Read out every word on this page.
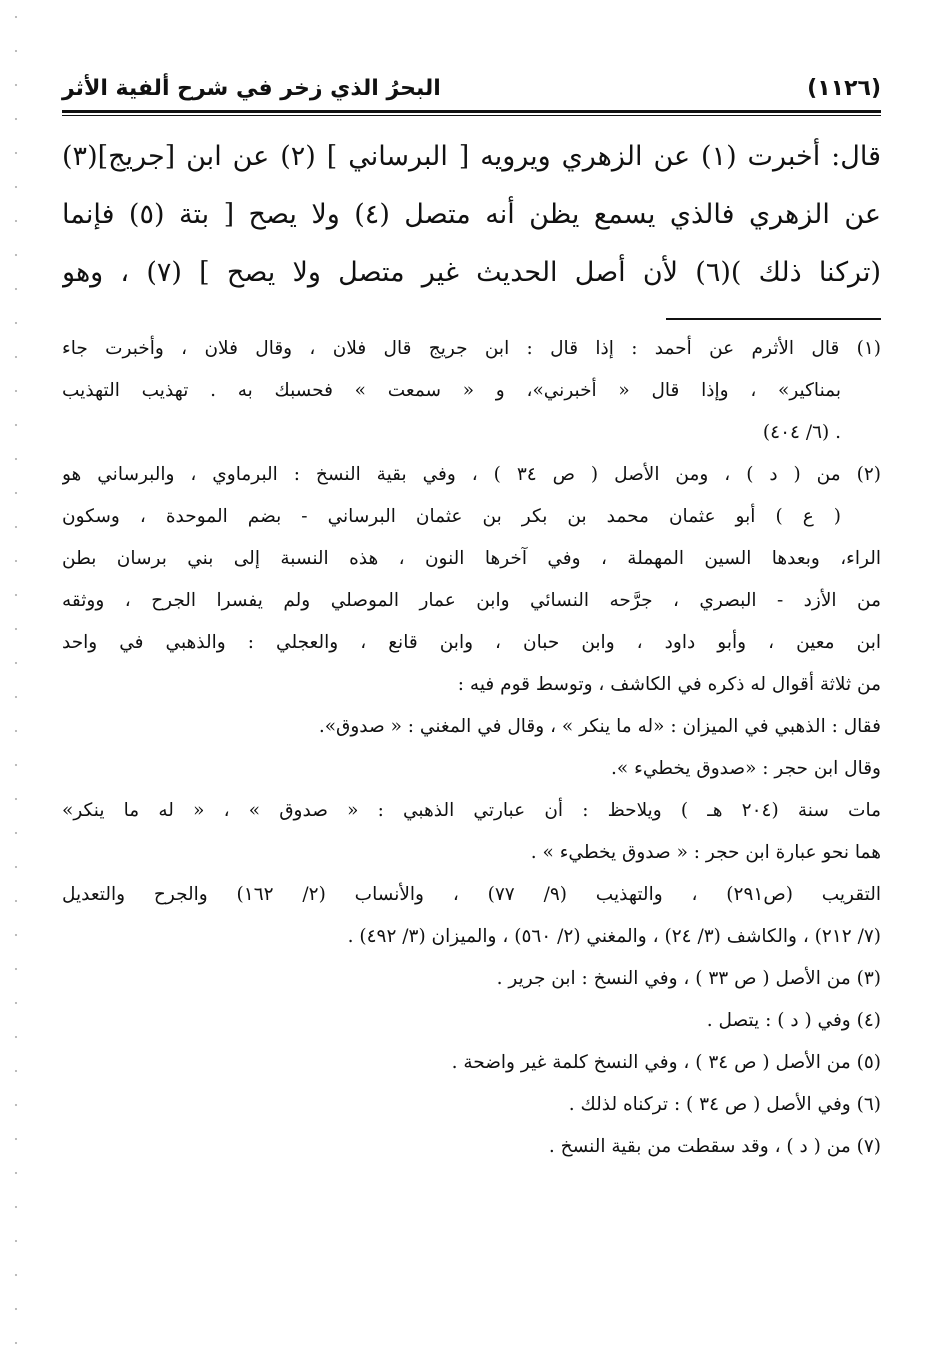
البحرُ الذي زخر في شرح ألفية الأثر	(١١٢٦)
قال: أخبرت (١) عن الزهري ويرويه [ البرساني ] (٢) عن ابن [جريج](٣)
عن الزهري فالذي يسمع يظن أنه متصل (٤) ولا يصح [ بتة (٥) فإنما
(تركنا ذلك )(٦) لأن أصل الحديث غير متصل ولا يصح ] (٧) ، وهو
(١) قال الأثرم عن أحمد : إذا قال : ابن جريج قال فلان ، وقال فلان ، وأخبرت جاء
بمناكير» ، وإذا قال « أخبرني»، و « سمعت » فحسبك به . تهذيب التهذيب
. (٦/ ٤٠٤)
(٢) من ( د ) ، ومن الأصل ( ص ٣٤ ) ، وفي بقية النسخ : البرماوي ، والبرساني هو
( ع ) أبو عثمان محمد بن بكر بن عثمان البرساني - بضم الموحدة ، وسكون
الراء، وبعدها السين المهملة ، وفي آخرها النون ، هذه النسبة إلى بني برسان بطن
من الأزد - البصري ، جرَّحه النسائي وابن عمار الموصلي ولم يفسرا الجرح ، ووثقه
ابن معين ، وأبو داود ، وابن حبان ، وابن قانع ، والعجلي : والذهبي في واحد
من ثلاثة أقوال له ذكره في الكاشف ، وتوسط قوم فيه :
فقال : الذهبي في الميزان : «له ما ينكر » ، وقال في المغني : « صدوق».
وقال ابن حجر : «صدوق يخطيء ».
مات سنة (٢٠٤ هـ ) ويلاحظ : أن عبارتي الذهبي : « صدوق » ، « له ما ينكر»
هما نحو عبارة ابن حجر : « صدوق يخطيء » .
التقريب (ص٢٩١) ، والتهذيب (٩/ ٧٧) ، والأنساب (٢/ ١٦٢) والجرح والتعديل
(٧/ ٢١٢) ، والكاشف (٣/ ٢٤) ، والمغني (٢/ ٥٦٠) ، والميزان (٣/ ٤٩٢) .
(٣) من الأصل ( ص ٣٣ ) ، وفي النسخ : ابن جرير .
(٤) وفي ( د ) : يتصل .
(٥) من الأصل ( ص ٣٤ ) ، وفي النسخ كلمة غير واضحة .
(٦) وفي الأصل ( ص ٣٤ ) : تركناه لذلك .
(٧) من ( د ) ، وقد سقطت من بقية النسخ .
